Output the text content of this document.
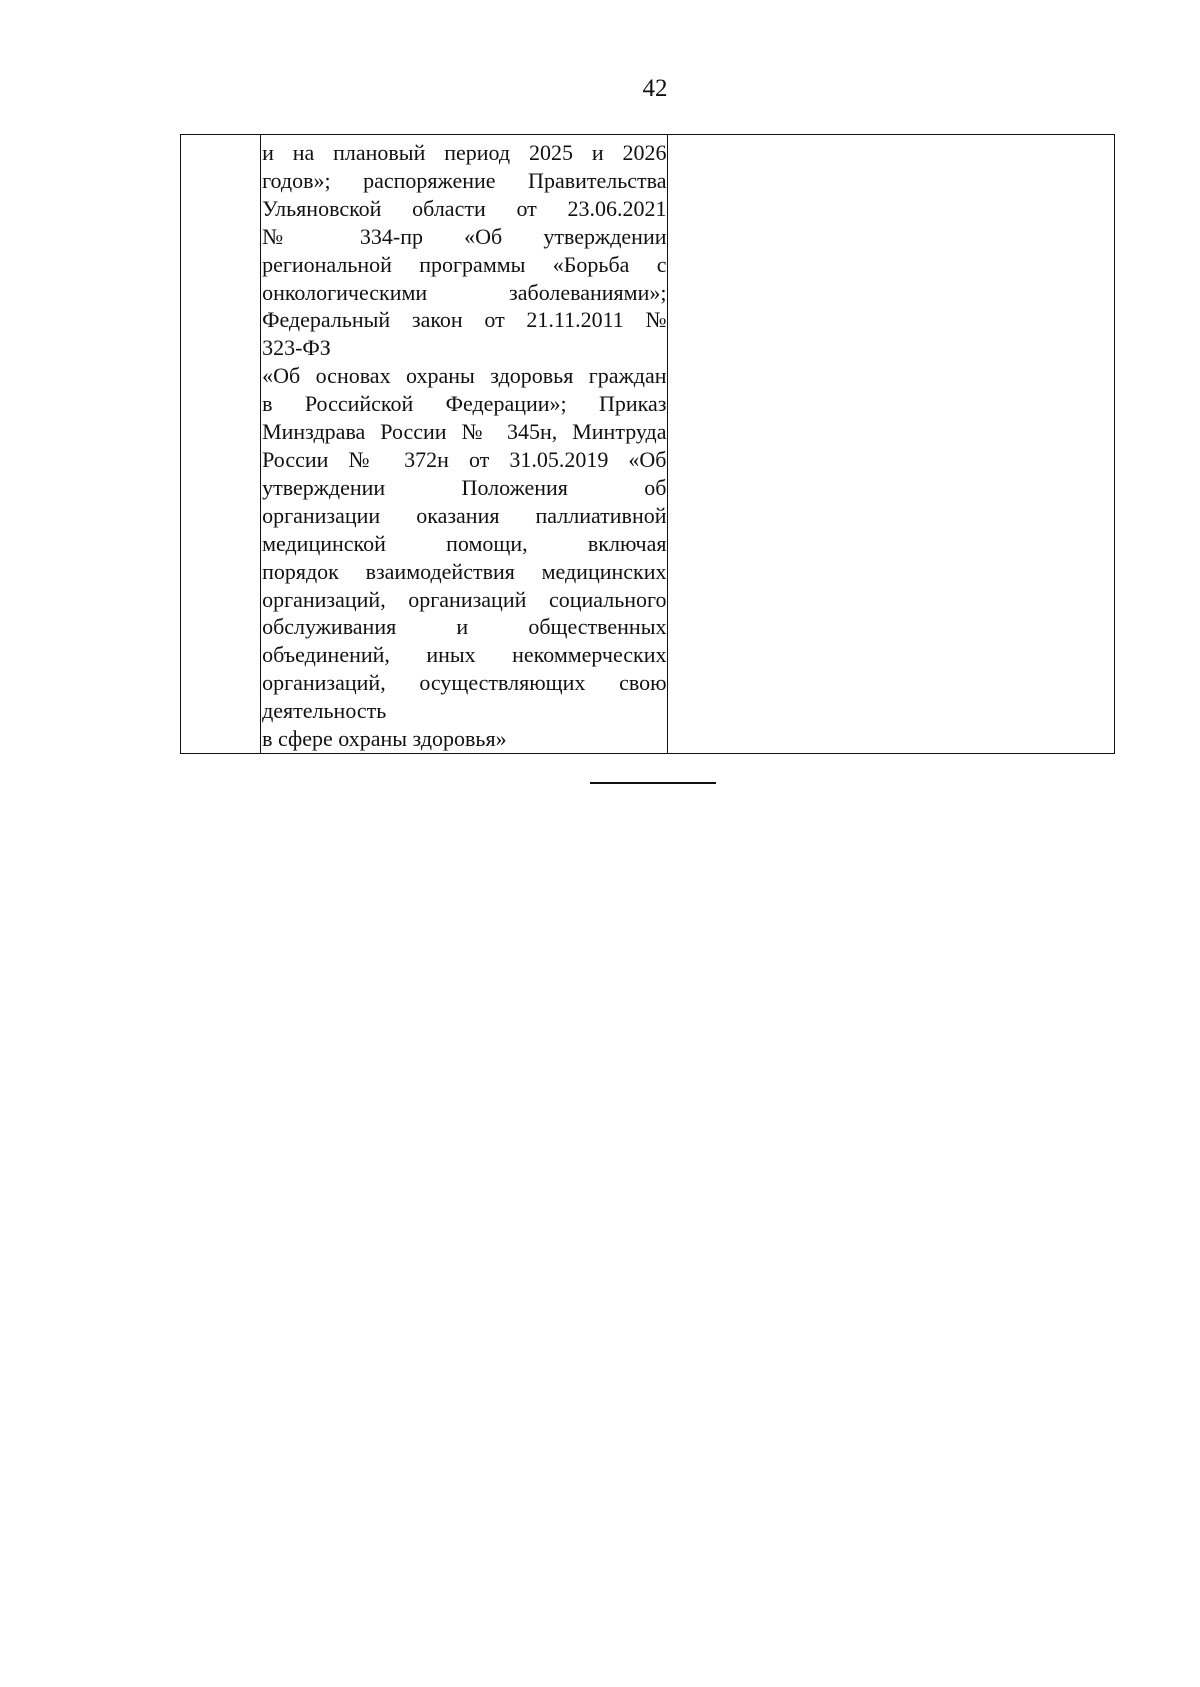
42

и на плановый период 2025 и 2026
годов»; распоряжение Правительства
Ульяновской области от 23.06.2021
№ 334-пр «Об утверждении
региональной программы «Борьба с
онкологическими заболеваниями»;
Федеральный закон от 21.11.2011 №
323-ФЗ
«Об основах охраны здоровья граждан
в Российской Федерации»; Приказ
Минздрава России № 345н, Минтруда
России № 372н от 31.05.2019 «Об
утверждении Положения об
организации оказания паллиативной
медицинской помощи, включая
порядок взаимодействия медицинских
организаций, организаций социального
обслуживания и общественных
объединений, иных некоммерческих
организаций, осуществляющих свою
деятельность
в сфере охраны здоровья»
